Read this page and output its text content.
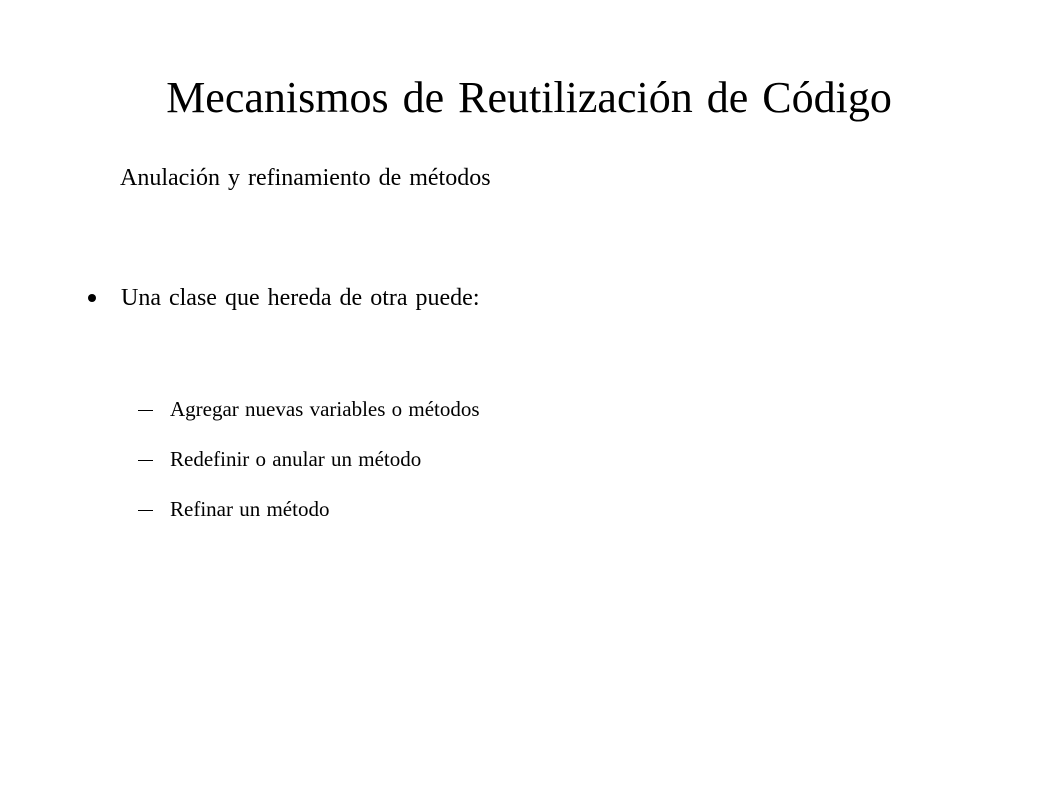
Mecanismos de Reutilización de Código
Anulación y refinamiento de métodos
Una clase que hereda de otra puede:
Agregar nuevas variables o métodos
Redefinir o anular un método
Refinar un método
